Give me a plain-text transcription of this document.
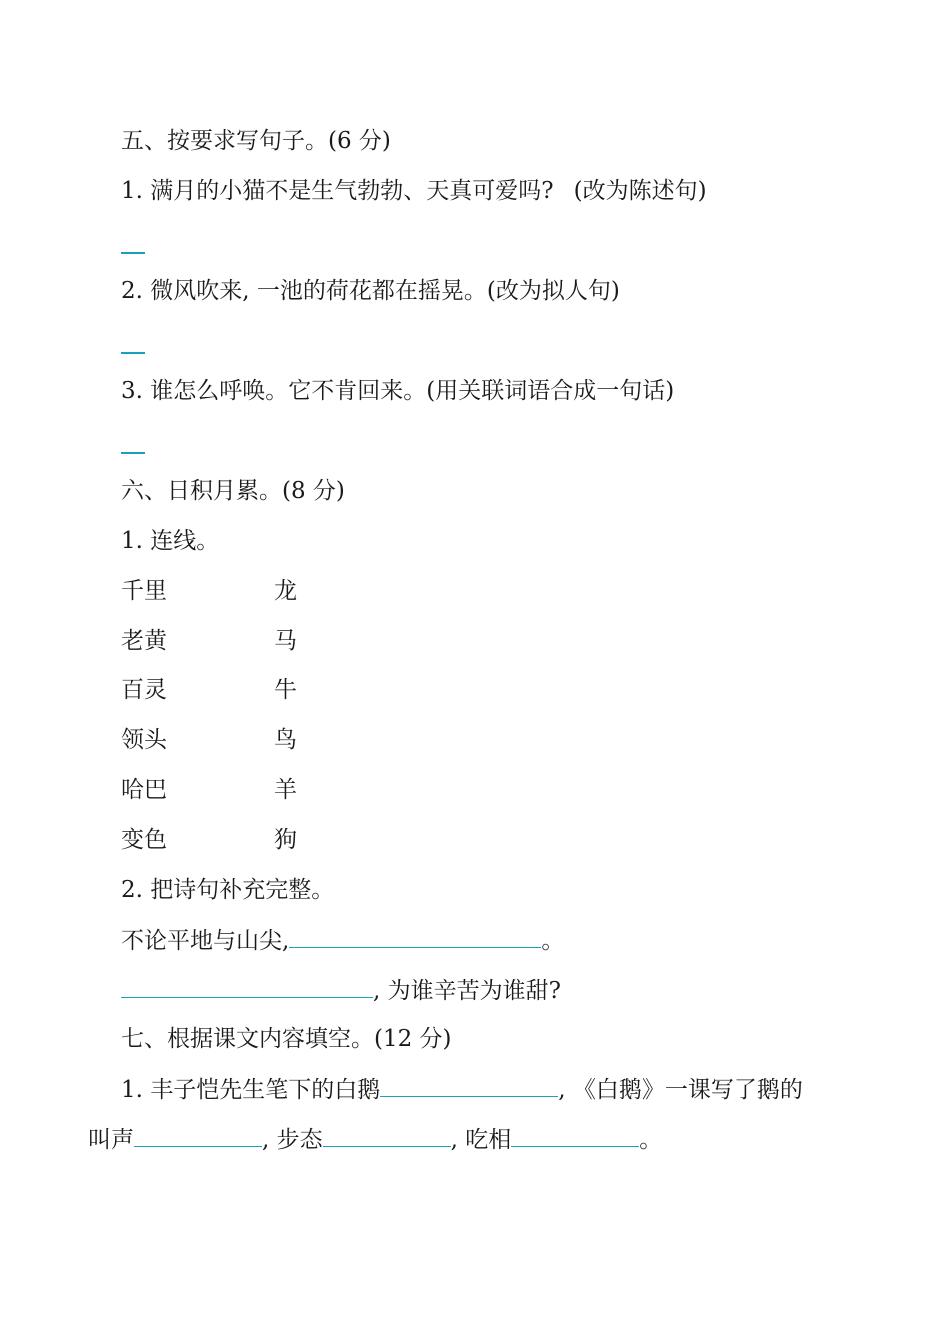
五、按要求写句子。(6 分)
1. 满月的小猫不是生气勃勃、天真可爱吗? (改为陈述句)
2. 微风吹来, 一池的荷花都在摇晃。(改为拟人句)
3. 谁怎么呼唤。它不肯回来。(用关联词语合成一句话)
六、日积月累。(8 分)
1. 连线。
千里	龙
老黄	马
百灵	牛
领头	鸟
哈巴	羊
变色	狗
2. 把诗句补充完整。
不论平地与山尖,	。
, 为谁辛苦为谁甜?
七、根据课文内容填空。(12 分)
1. 丰子恺先生笔下的白鹅	, 《白鹅》一课写了鹅的
叫声	, 步态	, 吃相	。
